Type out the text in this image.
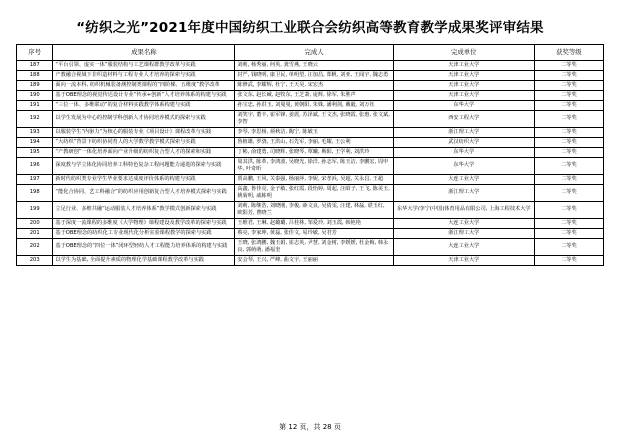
“纺织之光”2021年度中国纺织工业联合会纺织高等教育教学成果奖评审结果
序号	成果名称	完成人	完成单位	获奖等级
187	“平台引领、虚实一体”服装结构与工艺课程群教学改革与实践	刘莉, 杨秀丽, 何英, 龚雪燕, 王晓云	天津工业大学	二等奖
188	产教融合视域下非织造材料与工程专业人才培养的探索与实践	封严, 钱晓明, 康卫民, 单明望, 汪加昌, 郑帆, 刘亚, 王闻宇, 魏志勇	天津工业大学	二等奖
189	面向一流本科, 纺织机械装备测控制类课程的“四阶梯、五维度”教学改革	陈修武, 李耀辉, 杜宁, 王天昊, 宋宏杰	天津工业大学	二等奖
190	基于OBE理念的视觉传达设计专业“传承+创新”人才培养体系的构建与实践	张文东, 赵长臧, 赵牧东, 王芝萧, 庞辉, 徐军, 朱胜声	天津工业大学	二等奖
191	“三位一体、多维联动”的复合材料实践教学体系构建与实践	孙宝忠, 孙洪玉, 刘曼曼, 黄朝阳, 朱姝, 潘利剑, 戴毅, 刘万钰	东华大学	二等奖
192	以学生发展为中心的控制学科创新人才协同培养模式的探索与实践	刘笑宇, 董丰, 崔军锋, 姜震, 苏泽斌, 王文杰, 张晓霞, 张惠, 张文斌, 李智	西安工程大学	二等奖
193	以服装学生“内驱力”为核心的服装专业《项目设计》课程改革与实践	李琴, 李思杨, 须秋洁, 陶宁, 陈敏玉	浙江理工大学	二等奖
194	“大纺织”背景下纺织协同育人的大学数学教学模式探索与实践	鲁植雄, 罗骁, 王洪山, 石先军, 李丽, 毛耀, 王公利	武汉纺织大学	二等奖
195	“产教研创”一体化培养面向产业升级的纺织复合型人才的探索和实践	丁彬, 俞建勇, 司晓辉, 张晓琴, 覃曦, 斯阳, 王学利, 刘洪玲	东华大学	二等奖
196	深度教与学立体化协同培养工科特色复杂工程问题能力递进的探索与实践	周其洪, 陈革, 李鸿波, 吴晓光, 徐洋, 孙志军, 陈玉洁, 李鹏宏, 周申华, 叶奇昕	东华大学	二等奖
197	新时代纺织类专业学生毕业要求达成度评价体系的构建与实践	贾高鹏, 王风, 关泰强, 杨丽萍, 李妮, 宋孝浜, 吴超, 关永昌, 王超	大连工业大学	二等奖
198	“能化合协同、艺工科融合”的纺织应用创新复合型人才培养模式探索与实践	高鑫, 鲁佳亮, 金子敏, 张红霞, 段怡婷, 周起, 汪昭子, 王飞, 陈美玉, 姚菊明, 戚栋明	浙江理工大学	二等奖
199	立足行业、多维共融“运动服装人才培养体系”教学模式创新探索与实践	刘莉, 陈继浩, 刘晓刚, 李俊, 薛文良, 吴倩雯, 汪建, 林磊, 谌玉红, 欧阳芳, 曹晓兰	东华大学/李宁(中国)体育用品有限公司, 上海工程技术大学	二等奖
200	基于深度一流课程的多维度《大学物理》课程建设及教学改革的探索与实践	王维君, 王琳, 赵璐璐, 吕桂林, 邹爱玲, 刘玉霞, 韩艳艳	大连工业大学	二等奖
201	基于OBE理念的纺织化工专业现代化分析实验课程教学的探索与实践	蔡亮, 李家坤, 黄磊, 张佳文, 易玲敏, 吴君芳	浙江理工大学	二等奖
202	基于OBE理念的“四位一体”闭环型轻纺人才工程能力培养体系的构建与实践	王晓, 张鸿鹏, 魏玉娟, 崔志英, 尹慧, 刘金树, 李媛媛, 杜金梅, 韩永良, 郭萌萌, 潘福奎	大连工业大学	二等奖
203	以学生为基础, 全面提升素质的物理化学基础课程教学改革与实践	安会琴, 王兴, 严峰, 曲文宇, 王丽丽	天津工业大学	二等奖
第 12 页，共 28 页
